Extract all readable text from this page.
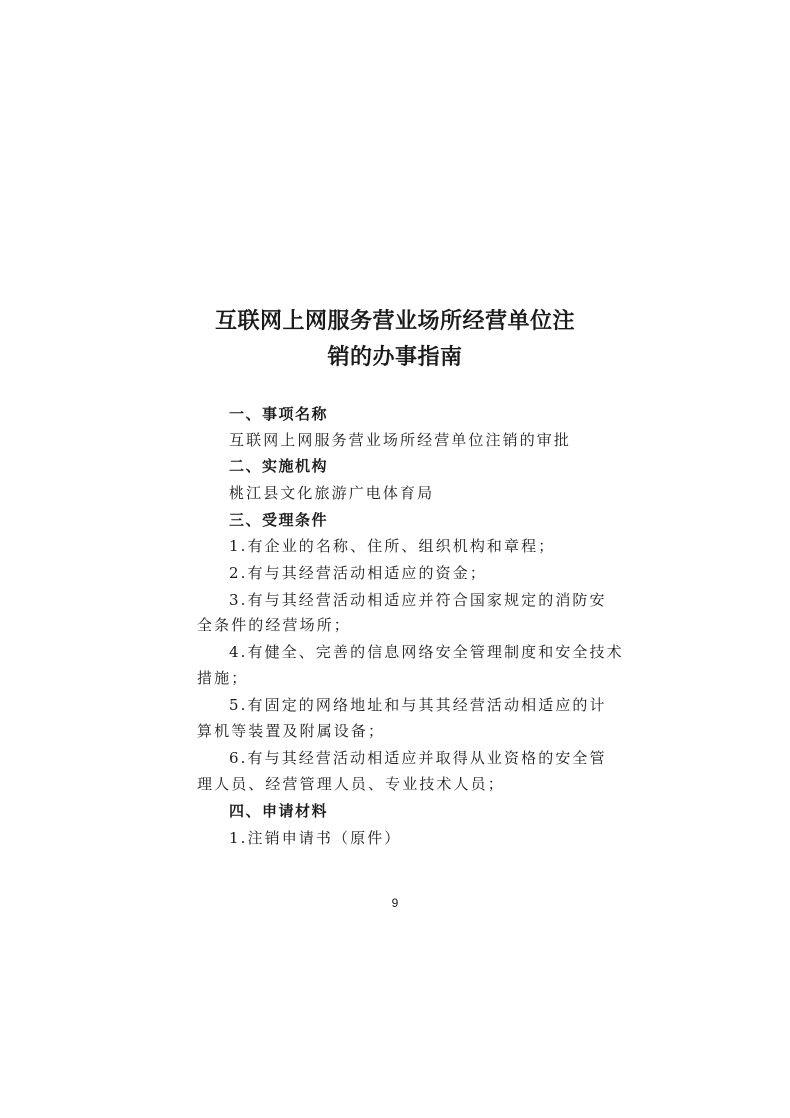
互联网上网服务营业场所经营单位注
销的办事指南
一、事项名称
互联网上网服务营业场所经营单位注销的审批
二、实施机构
桃江县文化旅游广电体育局
三、受理条件
1.有企业的名称、住所、组织机构和章程；
2.有与其经营活动相适应的资金；
3.有与其经营活动相适应并符合国家规定的消防安
全条件的经营场所；
4.有健全、完善的信息网络安全管理制度和安全技术
措施；
5.有固定的网络地址和与其其经营活动相适应的计
算机等装置及附属设备；
6.有与其经营活动相适应并取得从业资格的安全管
理人员、经营管理人员、专业技术人员；
四、申请材料
1.注销申请书（原件）
9
